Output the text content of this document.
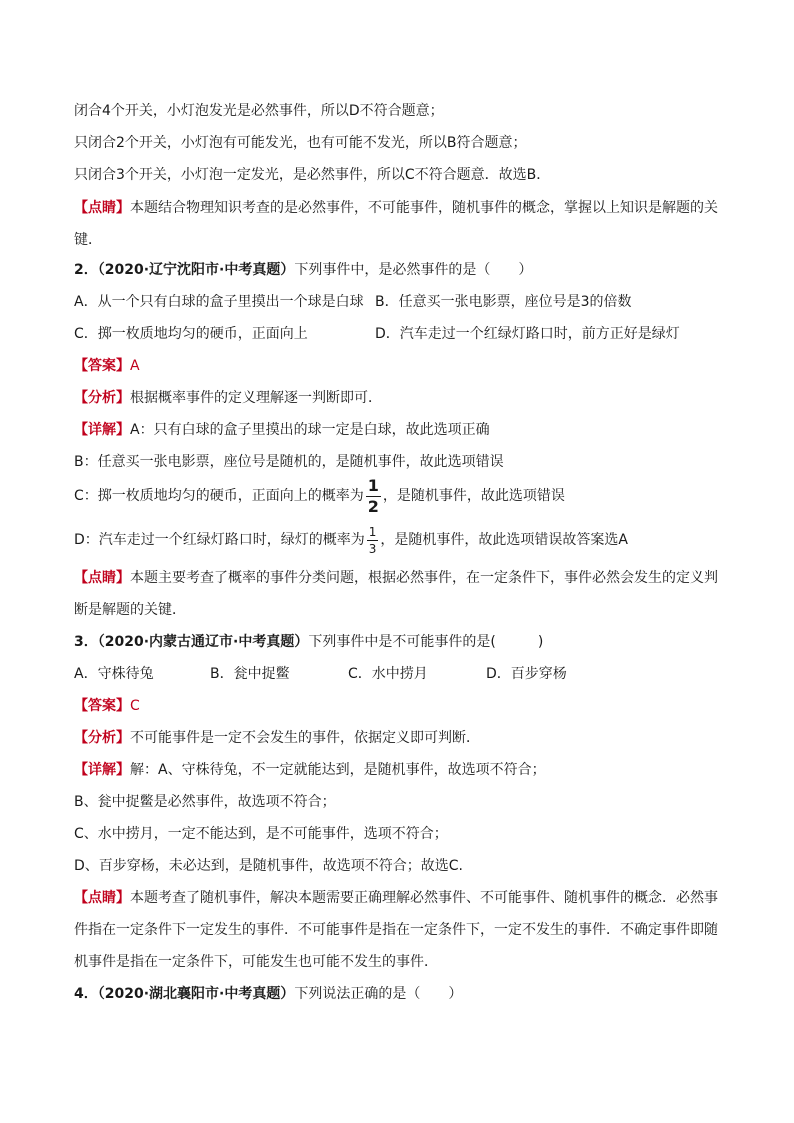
闭合4个开关，小灯泡发光是必然事件，所以D不符合题意；
只闭合2个开关，小灯泡有可能发光，也有可能不发光，所以B符合题意；
只闭合3个开关，小灯泡一定发光，是必然事件，所以C不符合题意．故选B．
【点睛】本题结合物理知识考查的是必然事件，不可能事件，随机事件的概念，掌握以上知识是解题的关
键．
2．（2020·辽宁沈阳市·中考真题）下列事件中，是必然事件的是（　　）
A．从一个只有白球的盒子里摸出一个球是白球 B．任意买一张电影票，座位号是3的倍数
C．掷一枚质地均匀的硬币，正面向上	D．汽车走过一个红绿灯路口时，前方正好是绿灯
【答案】A
【分析】根据概率事件的定义理解逐一判断即可．
【详解】A：只有白球的盒子里摸出的球一定是白球，故此选项正确
B：任意买一张电影票，座位号是随机的，是随机事件，故此选项错误
C：掷一枚质地均匀的硬币，正面向上的概率为 $\frac{1}{2}$ ，是随机事件，故此选项错误
D：汽车走过一个红绿灯路口时，绿灯的概率为 $\frac{1}{3}$ ，是随机事件，故此选项错误故答案选A
【点睛】本题主要考查了概率的事件分类问题，根据必然事件，在一定条件下，事件必然会发生的定义判
断是解题的关键．
3．（2020·内蒙古通辽市·中考真题）下列事件中是不可能事件的是(　　　)
A．守株待兔	B．瓮中捉鳖	C．水中捞月	D．百步穿杨
【答案】C
【分析】不可能事件是一定不会发生的事件，依据定义即可判断．
【详解】解：A、守株待兔，不一定就能达到，是随机事件，故选项不符合；
B、瓮中捉鳖是必然事件，故选项不符合；
C、水中捞月，一定不能达到，是不可能事件，选项不符合；
D、百步穿杨，未必达到，是随机事件，故选项不符合；故选C.
【点睛】本题考查了随机事件，解决本题需要正确理解必然事件、不可能事件、随机事件的概念．必然事
件指在一定条件下一定发生的事件．不可能事件是指在一定条件下，一定不发生的事件．不确定事件即随
机事件是指在一定条件下，可能发生也可能不发生的事件．
4．（2020·湖北襄阳市·中考真题）下列说法正确的是（　　）
